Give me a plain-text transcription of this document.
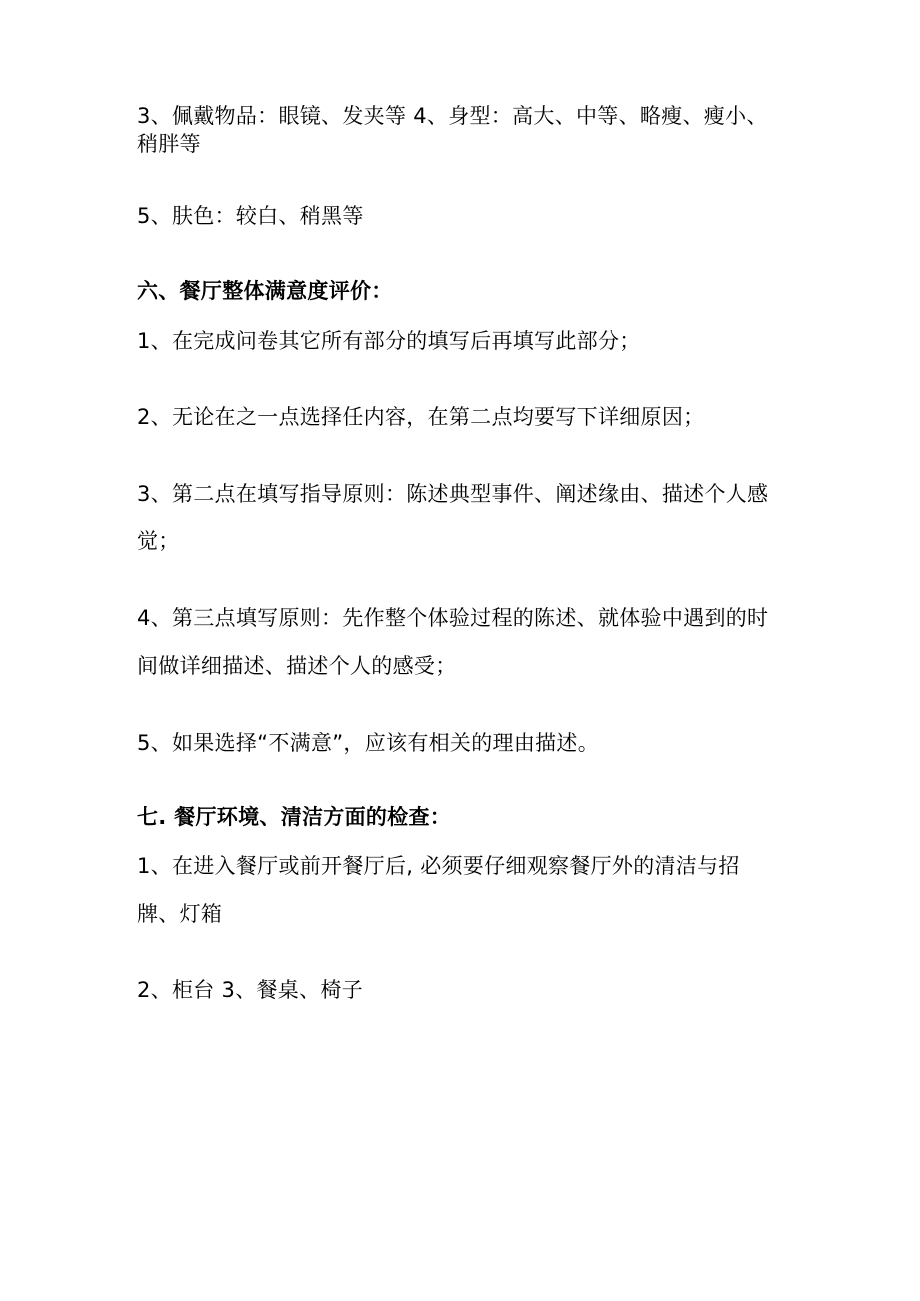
3、佩戴物品：眼镜、发夹等 4、身型：高大、中等、略瘦、瘦小、

稍胖等

5、肤色：较白、稍黑等

六、餐厅整体满意度评价：

1、在完成问卷其它所有部分的填写后再填写此部分；

2、无论在之一点选择任内容，在第二点均要写下详细原因；

3、第二点在填写指导原则：陈述典型事件、阐述缘由、描述个人感

觉；

4、第三点填写原则：先作整个体验过程的陈述、就体验中遇到的时

间做详细描述、描述个人的感受；

5、如果选择“不满意”，应该有相关的理由描述。

七. 餐厅环境、清洁方面的检查：

1、在进入餐厅或前开餐厅后, 必须要仔细观察餐厅外的清洁与招

牌、灯箱

2、柜台 3、餐桌、椅子
